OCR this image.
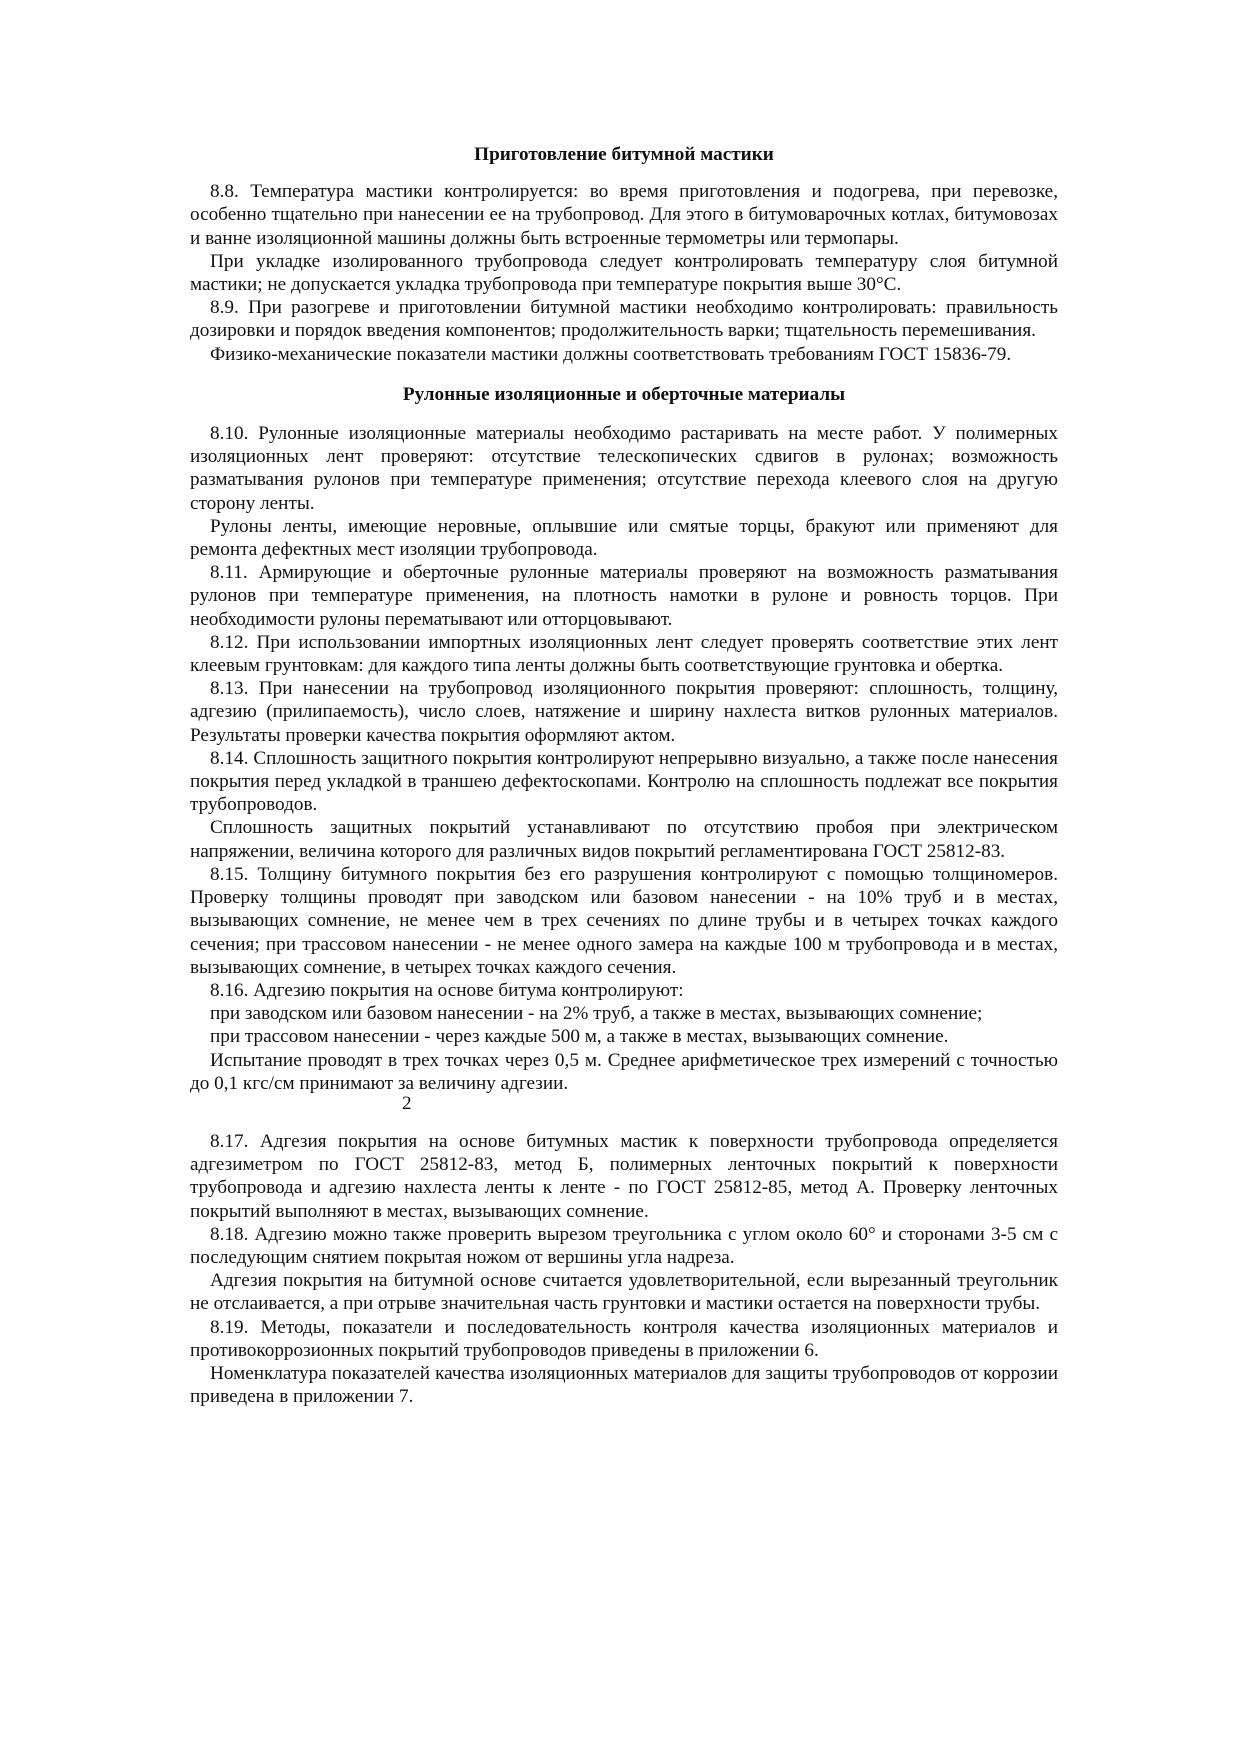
Приготовление битумной мастики

8.8. Температура мастики контролируется: во время приготовления и подогрева, при перевозке, особенно тщательно при нанесении ее на трубопровод. Для этого в битумоварочных котлах, битумовозах и ванне изоляционной машины должны быть встроенные термометры или термопары.

При укладке изолированного трубопровода следует контролировать температуру слоя битумной мастики; не допускается укладка трубопровода при температуре покрытия выше 30°С.

8.9. При разогреве и приготовлении битумной мастики необходимо контролировать: правильность дозировки и порядок введения компонентов; продолжительность варки; тщательность перемешивания.

Физико-механические показатели мастики должны соответствовать требованиям ГОСТ 15836-79.

Рулонные изоляционные и оберточные материалы

8.10. Рулонные изоляционные материалы необходимо растаривать на месте работ. У полимерных изоляционных лент проверяют: отсутствие телескопических сдвигов в рулонах; возможность разматывания рулонов при температуре применения; отсутствие перехода клеевого слоя на другую сторону ленты.

Рулоны ленты, имеющие неровные, оплывшие или смятые торцы, бракуют или применяют для ремонта дефектных мест изоляции трубопровода.

8.11. Армирующие и оберточные рулонные материалы проверяют на возможность разматывания рулонов при температуре применения, на плотность намотки в рулоне и ровность торцов. При необходимости рулоны перематывают или отторцовывают.

8.12. При использовании импортных изоляционных лент следует проверять соответствие этих лент клеевым грунтовкам: для каждого типа ленты должны быть соответствующие грунтовка и обертка.

8.13. При нанесении на трубопровод изоляционного покрытия проверяют: сплошность, толщину, адгезию (прилипаемость), число слоев, натяжение и ширину нахлеста витков рулонных материалов. Результаты проверки качества покрытия оформляют актом.

8.14. Сплошность защитного покрытия контролируют непрерывно визуально, а также после нанесения покрытия перед укладкой в траншею дефектоскопами. Контролю на сплошность подлежат все покрытия трубопроводов.

Сплошность защитных покрытий устанавливают по отсутствию пробоя при электрическом напряжении, величина которого для различных видов покрытий регламентирована ГОСТ 25812-83.

8.15. Толщину битумного покрытия без его разрушения контролируют с помощью толщиномеров. Проверку толщины проводят при заводском или базовом нанесении - на 10% труб и в местах, вызывающих сомнение, не менее чем в трех сечениях по длине трубы и в четырех точках каждого сечения; при трассовом нанесении - не менее одного замера на каждые 100 м трубопровода и в местах, вызывающих сомнение, в четырех точках каждого сечения.

8.16. Адгезию покрытия на основе битума контролируют:

при заводском или базовом нанесении - на 2% труб, а также в местах, вызывающих сомнение;

при трассовом нанесении - через каждые 500 м, а также в местах, вызывающих сомнение.

Испытание проводят в трех точках через 0,5 м. Среднее арифметическое трех измерений с точностью до 0,1 кгс/см принимают за величину адгезии.

2

8.17. Адгезия покрытия на основе битумных мастик к поверхности трубопровода определяется адгезиметром по ГОСТ 25812-83, метод Б, полимерных ленточных покрытий к поверхности трубопровода и адгезию нахлеста ленты к ленте - по ГОСТ 25812-85, метод А. Проверку ленточных покрытий выполняют в местах, вызывающих сомнение.

8.18. Адгезию можно также проверить вырезом треугольника с углом около 60° и сторонами 3-5 см с последующим снятием покрытая ножом от вершины угла надреза.

Адгезия покрытия на битумной основе считается удовлетворительной, если вырезанный треугольник не отслаивается, а при отрыве значительная часть грунтовки и мастики остается на поверхности трубы.

8.19. Методы, показатели и последовательность контроля качества изоляционных материалов и противокоррозионных покрытий трубопроводов приведены в приложении 6.

Номенклатура показателей качества изоляционных материалов для защиты трубопроводов от коррозии приведена в приложении 7.
